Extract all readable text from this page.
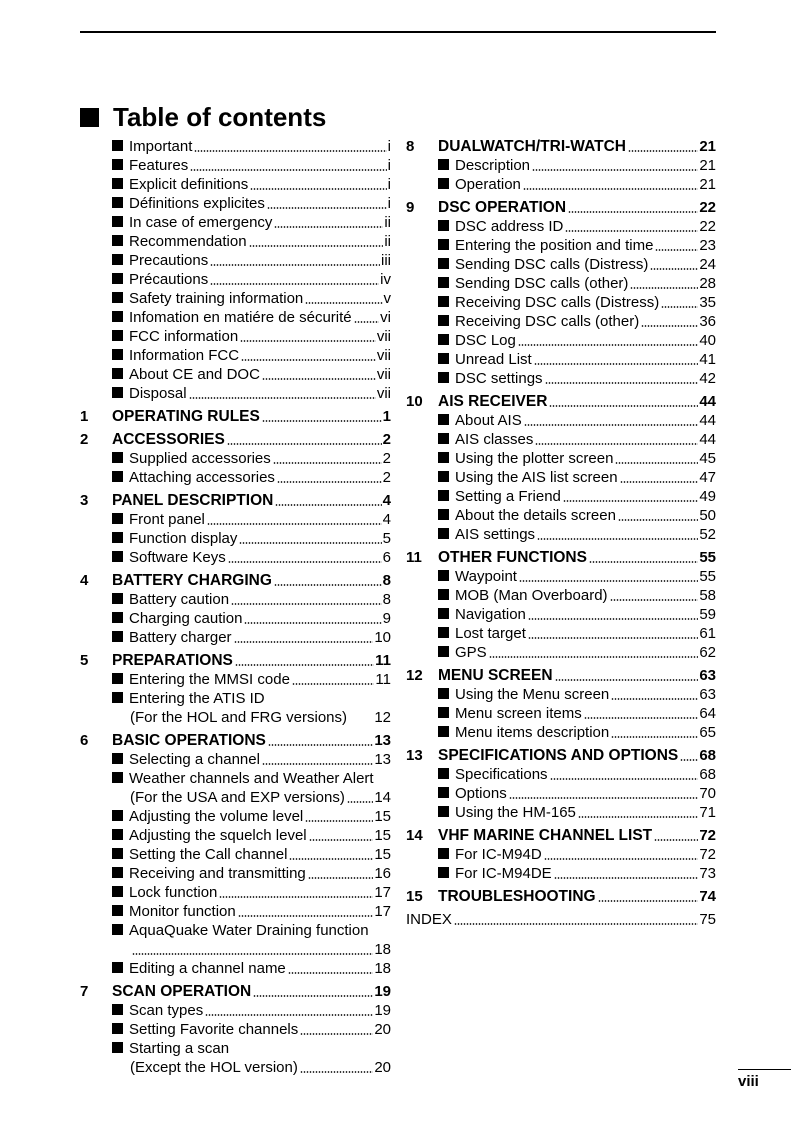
Table of contents
Important	i
Features	i
Explicit definitions	i
Définitions explicites	i
In case of emergency	ii
Recommendation	ii
Precautions	iii
Précautions	iv
Safety training information	v
Infomation en matiére de sécurité vi
FCC information	vii
Information FCC	vii
About CE and DOC	vii
Disposal	vii
1	OPERATING RULES	1
2	ACCESSORIES	2
Supplied accessories	2
Attaching accessories	2
3	PANEL DESCRIPTION	4
Front panel	4
Function display	5
Software Keys	6
4	BATTERY CHARGING	8
Battery caution	8
Charging caution	9
Battery charger	10
5	PREPARATIONS	11
Entering the MMSI code	11
Entering the ATIS ID
(For the HOL and FRG versions) 12
6	BASIC OPERATIONS	13
Selecting a channel	13
Weather channels and Weather Alert
(For the USA and EXP versions) 14
Adjusting the volume level	15
Adjusting the squelch level	15
Setting the Call channel	15
Receiving and transmitting	16
Lock function	17
Monitor function	17
AquaQuake Water Draining function
18
Editing a channel name	18
7	SCAN OPERATION	19
Scan types	19
Setting Favorite channels	20
Starting a scan
(Except the HOL version)	20
8	DUALWATCH/TRI-WATCH	21
Description	21
Operation	21
9	DSC OPERATION	22
DSC address ID	22
Entering the position and time	23
Sending DSC calls (Distress)	24
Sending DSC calls (other)	28
Receiving DSC calls (Distress)	35
Receiving DSC calls (other)	36
DSC Log	40
Unread List	41
DSC settings	42
10 AIS RECEIVER	44
About AIS	44
AIS classes	44
Using the plotter screen	45
Using the AIS list screen	47
Setting a Friend	49
About the details screen	50
AIS settings	52
11	OTHER FUNCTIONS	55
Waypoint	55
MOB (Man Overboard)	58
Navigation	59
Lost target	61
GPS	62
12 MENU SCREEN	63
Using the Menu screen	63
Menu screen items	64
Menu items description	65
13 SPECIFICATIONS AND OPTIONS 68
Specifications	68
Options	70
Using the HM-165	71
14 VHF MARINE CHANNEL LIST	72
For IC-M94D	72
For IC-M94DE	73
15 TROUBLESHOOTING	74
INDEX	75
viii
